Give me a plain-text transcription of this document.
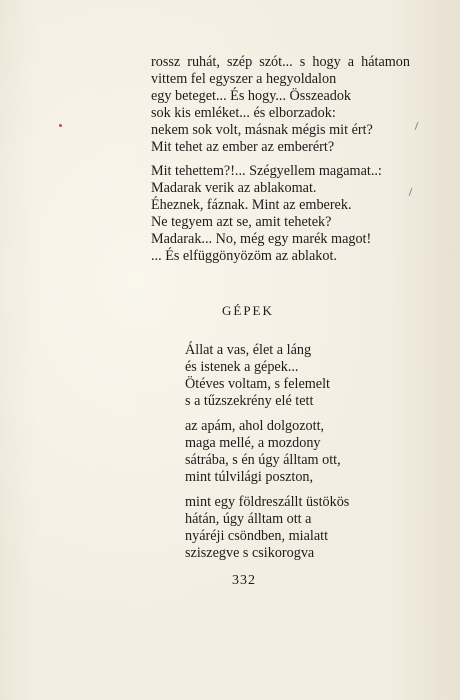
rossz ruhát, szép szót... s hogy a hátamon
vittem fel egyszer a hegyoldalon
egy beteget... És hogy... Összeadok
sok kis emléket... és elborzadok:
nekem sok volt, másnak mégis mit ért?
Mit tehet az ember az emberért?
Mit tehettem?!... Szégyellem magamat..:
Madarak verik az ablakomat.
Éheznek, fáznak. Mint az emberek.
Ne tegyem azt se, amit tehetek?
Madarak... No, még egy marék magot!
... És elfüggönyözöm az ablakot.
GÉPEK
Állat a vas, élet a láng
és istenek a gépek...
Ötéves voltam, s felemelt
s a tűzszekrény elé tett
az apám, ahol dolgozott,
maga mellé, a mozdony
sátrába, s én úgy álltam ott,
mint túlvilági poszton,
mint egy földreszállt üstökös
hátán, úgy álltam ott a
nyáréji csöndben, mialatt
sziszegve s csikorogva
332
